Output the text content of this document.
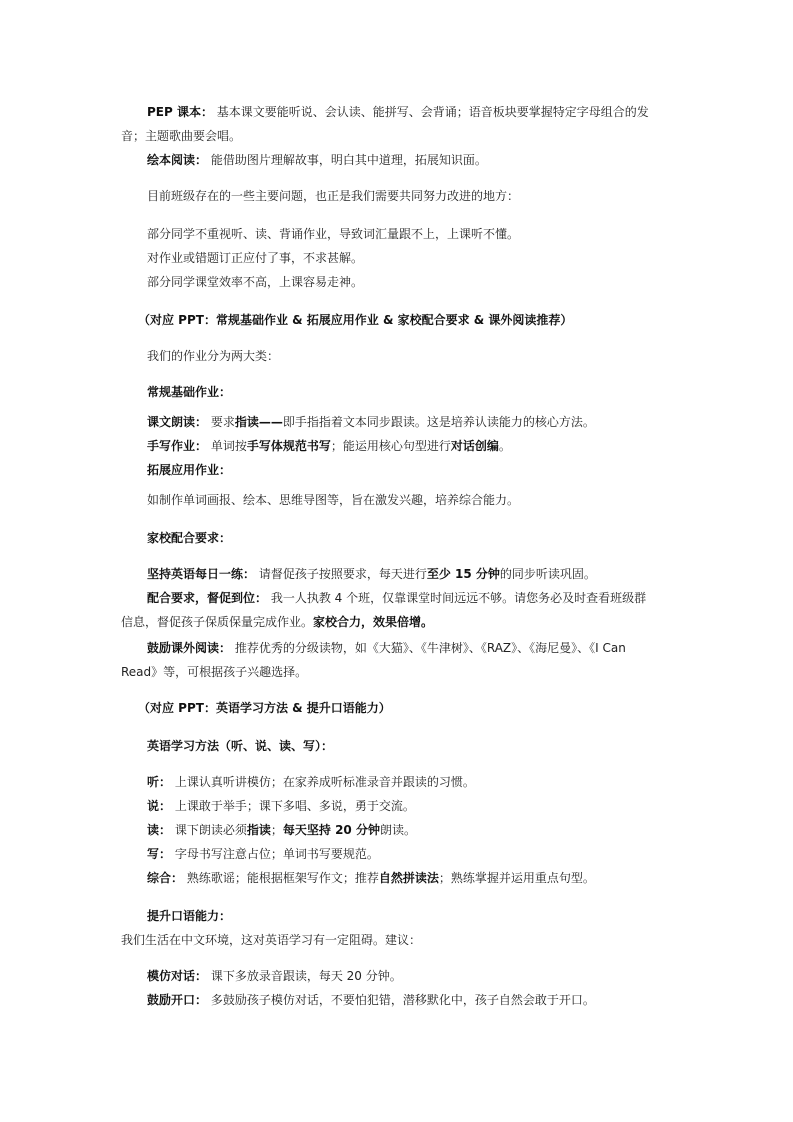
PEP 课本： 基本课文要能听说、会认读、能拼写、会背诵；语音板块要掌握特定字母组合的发
音；主题歌曲要会唱。
绘本阅读： 能借助图片理解故事，明白其中道理，拓展知识面。
目前班级存在的一些主要问题，也正是我们需要共同努力改进的地方：
部分同学不重视听、读、背诵作业，导致词汇量跟不上，上课听不懂。
对作业或错题订正应付了事，不求甚解。
部分同学课堂效率不高，上课容易走神。
（对应 PPT：常规基础作业 & 拓展应用作业 & 家校配合要求 & 课外阅读推荐）
我们的作业分为两大类：
常规基础作业：
课文朗读： 要求指读——即手指指着文本同步跟读。这是培养认读能力的核心方法。
手写作业： 单词按手写体规范书写；能运用核心句型进行对话创编。
拓展应用作业：
如制作单词画报、绘本、思维导图等，旨在激发兴趣，培养综合能力。
家校配合要求：
坚持英语每日一练： 请督促孩子按照要求，每天进行至少 15 分钟的同步听读巩固。
配合要求，督促到位： 我一人执教 4 个班，仅靠课堂时间远远不够。请您务必及时查看班级群
信息，督促孩子保质保量完成作业。家校合力，效果倍增。
鼓励课外阅读： 推荐优秀的分级读物，如《大猫》、《牛津树》、《RAZ》、《海尼曼》、《I Can
Read》等，可根据孩子兴趣选择。
（对应 PPT：英语学习方法 & 提升口语能力）
英语学习方法（听、说、读、写）：
听： 上课认真听讲模仿；在家养成听标准录音并跟读的习惯。
说： 上课敢于举手；课下多唱、多说，勇于交流。
读： 课下朗读必须指读；每天坚持 20 分钟朗读。
写： 字母书写注意占位；单词书写要规范。
综合： 熟练歌谣；能根据框架写作文；推荐自然拼读法；熟练掌握并运用重点句型。
提升口语能力：
我们生活在中文环境，这对英语学习有一定阻碍。建议：
模仿对话： 课下多放录音跟读，每天 20 分钟。
鼓励开口： 多鼓励孩子模仿对话，不要怕犯错，潜移默化中，孩子自然会敢于开口。
